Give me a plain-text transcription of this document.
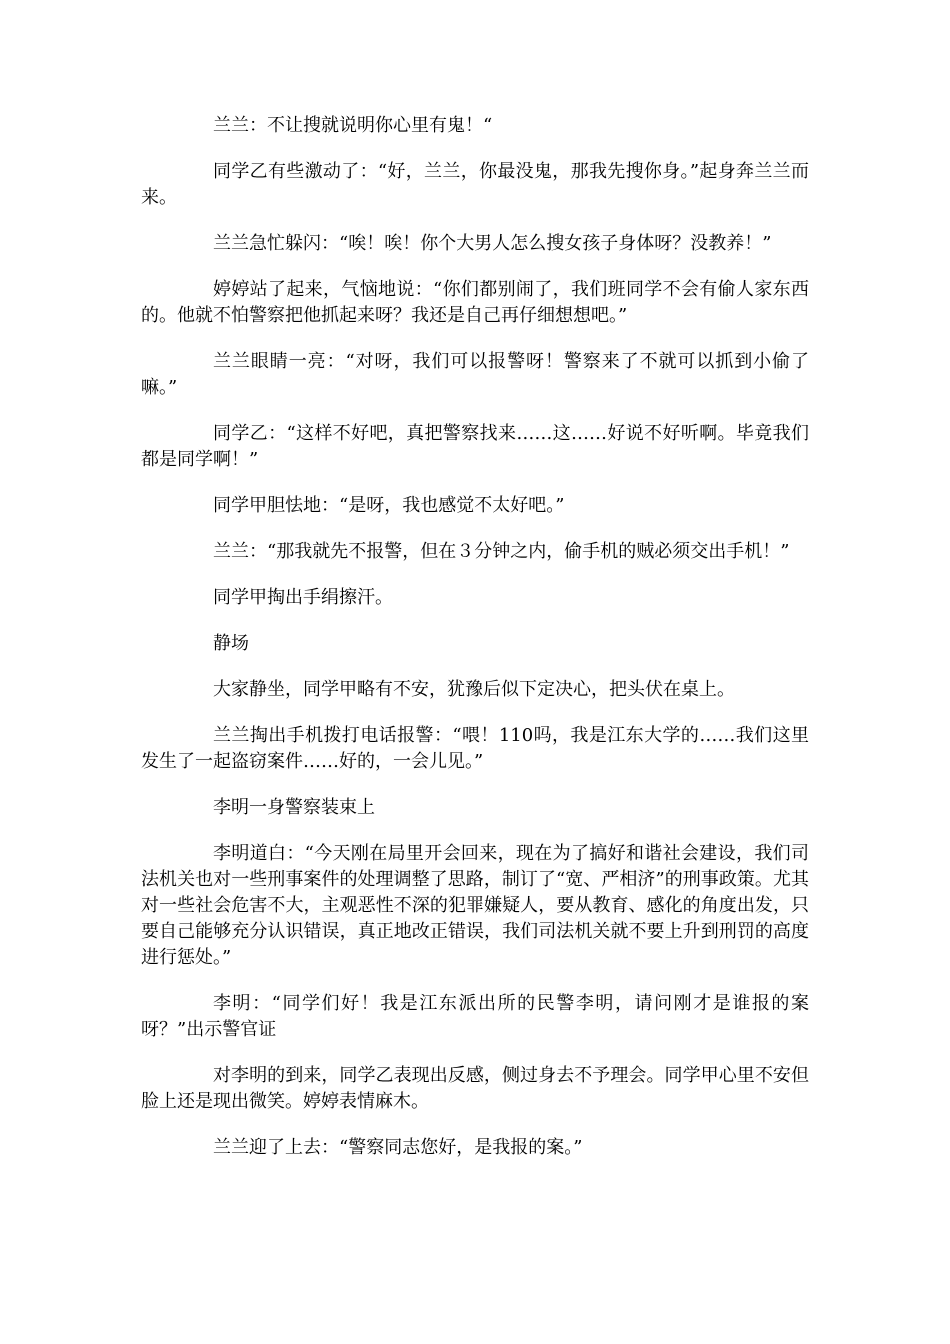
兰兰：不让搜就说明你心里有鬼！“

同学乙有些激动了：“好，兰兰，你最没鬼，那我先搜你身。”起身奔兰兰而来。

兰兰急忙躲闪：“唉！唉！你个大男人怎么搜女孩子身体呀？没教养！”

婷婷站了起来，气恼地说：“你们都别闹了，我们班同学不会有偷人家东西的。他就不怕警察把他抓起来呀？我还是自己再仔细想想吧。”

兰兰眼睛一亮：“对呀，我们可以报警呀！警察来了不就可以抓到小偷了嘛。”

同学乙：“这样不好吧，真把警察找来……这……好说不好听啊。毕竟我们都是同学啊！”

同学甲胆怯地：“是呀，我也感觉不太好吧。”

兰兰：“那我就先不报警，但在３分钟之内，偷手机的贼必须交出手机！”

同学甲掏出手绢擦汗。

静场

大家静坐，同学甲略有不安，犹豫后似下定决心，把头伏在桌上。

兰兰掏出手机拨打电话报警：“喂！110吗，我是江东大学的……我们这里发生了一起盗窃案件……好的，一会儿见。”

李明一身警察装束上

李明道白：“今天刚在局里开会回来，现在为了搞好和谐社会建设，我们司法机关也对一些刑事案件的处理调整了思路，制订了“宽、严相济”的刑事政策。尤其对一些社会危害不大，主观恶性不深的犯罪嫌疑人，要从教育、感化的角度出发，只要自己能够充分认识错误，真正地改正错误，我们司法机关就不要上升到刑罚的高度进行惩处。”

李明：“同学们好！我是江东派出所的民警李明，请问刚才是谁报的案呀？”出示警官证

对李明的到来，同学乙表现出反感，侧过身去不予理会。同学甲心里不安但脸上还是现出微笑。婷婷表情麻木。

兰兰迎了上去：“警察同志您好，是我报的案。”
